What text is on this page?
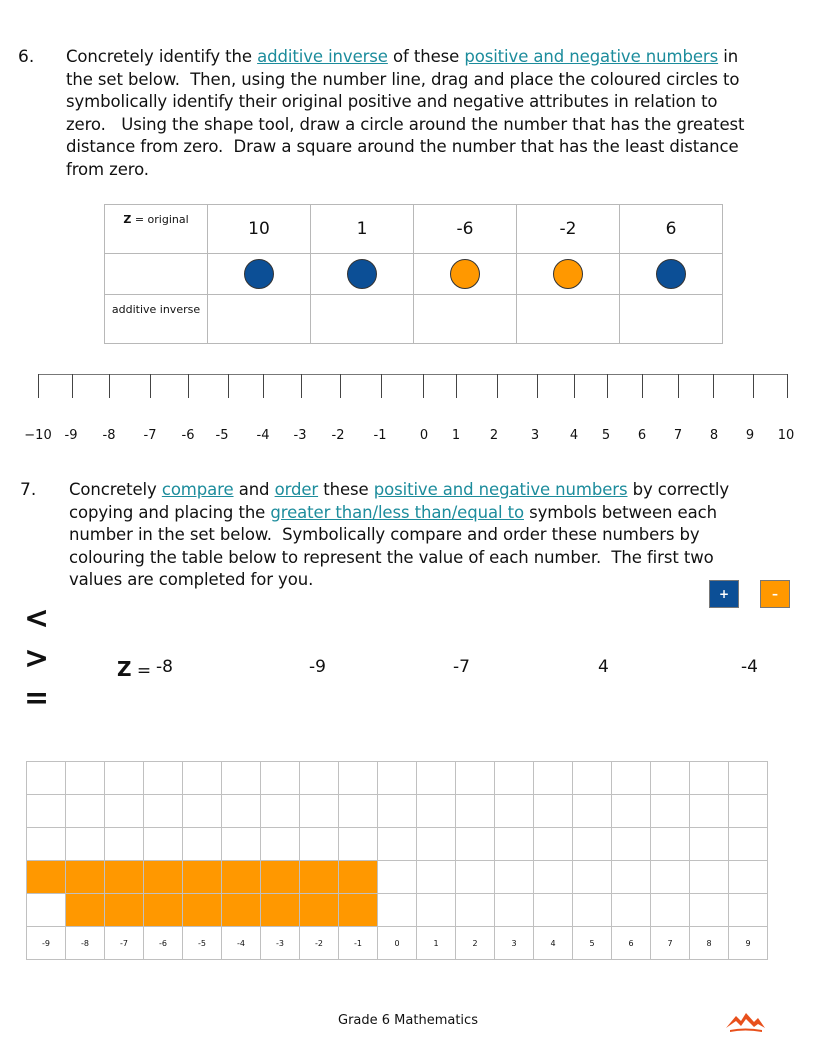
6. Concretely identify the additive inverse of these positive and negative numbers in
the set below.  Then, using the number line, drag and place the coloured circles to
symbolically identify their original positive and negative attributes in relation to
zero.   Using the shape tool, draw a circle around the number that has the greatest
distance from zero.  Draw a square around the number that has the least distance
from zero.
Z = original	10	1	-6	-2	6

additive inverse					
−10 -9 -8 -7 -6 -5 -4 -3 -2 -1	0 1 2	3 4 5 6 7 8 9 10
7. Concretely compare and order these positive and negative numbers by correctly
copying and placing the greater than/less than/equal to symbols between each
number in the set below.  Symbolically compare and order these numbers by
colouring the table below to represent the value of each number.  The first two
values are completed for you.
+	–
<
>
=
Z = -8	-9	-7	4	-4

-9	-8	-7	-6	-5	-4	-3	-2	-1	0	1	2	3	4	5	6	7	8	9
Grade 6 Mathematics
